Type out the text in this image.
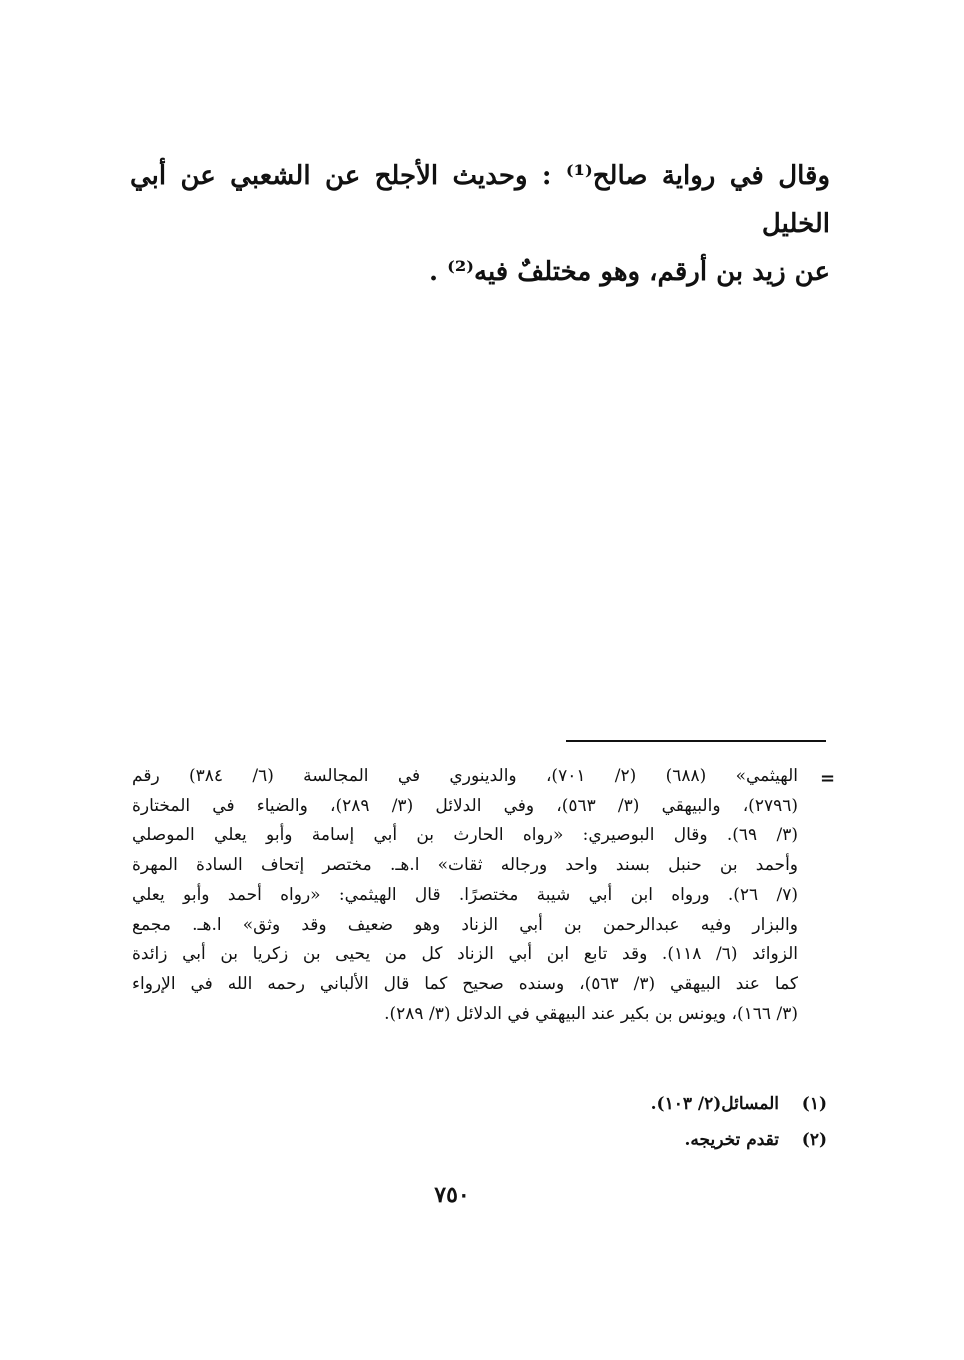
وقال في رواية صالح⁽¹⁾ : وحديث الأجلح عن الشعبي عن أبي الخليل

عن زيد بن أرقم، وهو مختلفٌ فيه⁽²⁾ .

=
الهيثمي» (٦٨٨) (٢/ ٧٠١)، والدينوري في المجالسة (٦/ ٣٨٤) رقم
(٢٧٩٦)، والبيهقي (٣/ ٥٦٣)، وفي الدلائل (٣/ ٢٨٩)، والضياء في المختارة
(٣/ ٦٩). وقال البوصيري: «رواه الحارث بن أبي إسامة وأبو يعلي الموصلي
وأحمد بن حنبل بسند واحد ورجاله ثقات» ا.هـ. مختصر إتحاف السادة المهرة
(٧/ ٢٦). ورواه ابن أبي شيبة مختصرًا. قال الهيثمي: «رواه أحمد وأبو يعلي
والبزار وفيه عبدالرحمن بن أبي الزناد وهو ضعيف وقد وثق» ا.هـ. مجمع
الزوائد (٦/ ١١٨). وقد تابع ابن أبي الزناد كل من يحيى بن زكريا بن أبي زائدة
كما عند البيهقي (٣/ ٥٦٣)، وسنده صحيح كما قال الألباني رحمه الله في الإرواء
(٣/ ١٦٦)، ويونس بن بكير عند البيهقي في الدلائل (٣/ ٢٨٩).
(١)المسائل(٢/ ١٠٣).
(٢)تقدم تخريجه.
٧٥٠
